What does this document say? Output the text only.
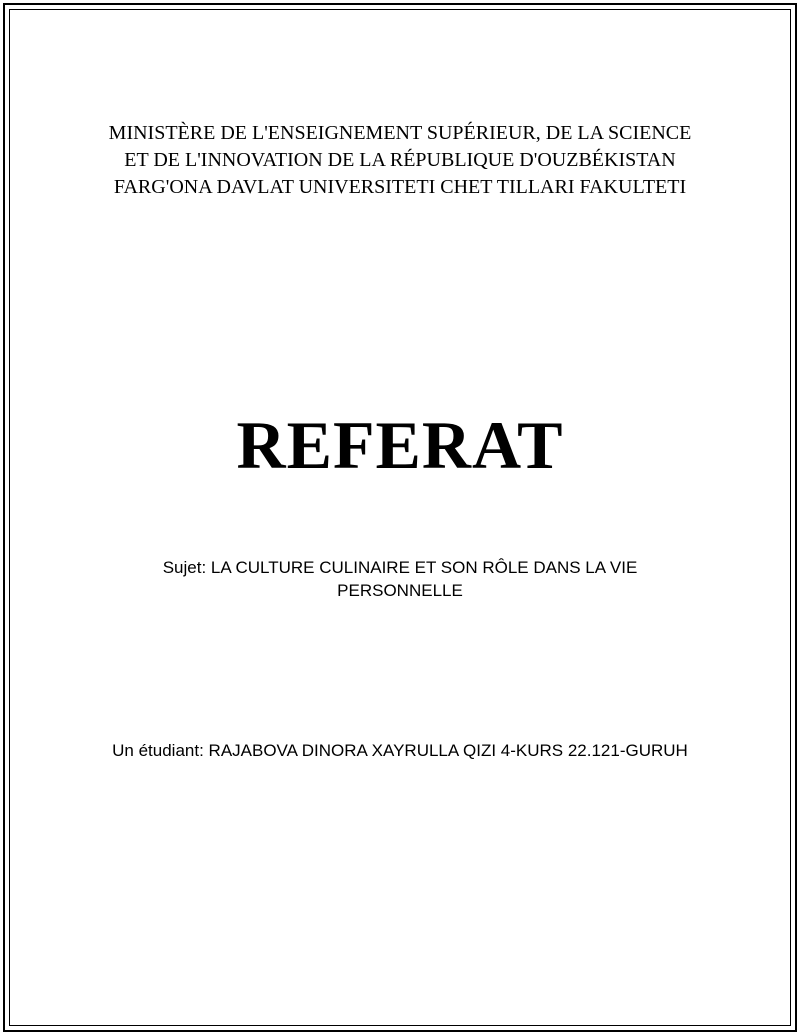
MINISTÈRE DE L'ENSEIGNEMENT SUPÉRIEUR, DE LA SCIENCE ET DE L'INNOVATION DE LA RÉPUBLIQUE D'OUZBÉKISTAN
FARG'ONA DAVLAT UNIVERSITETI CHET TILLARI FAKULTETI
REFERAT
Sujet: LA CULTURE CULINAIRE ET SON RÔLE DANS LA VIE PERSONNELLE
Un étudiant: RAJABOVA DINORA XAYRULLA QIZI 4-KURS 22.121-GURUH
